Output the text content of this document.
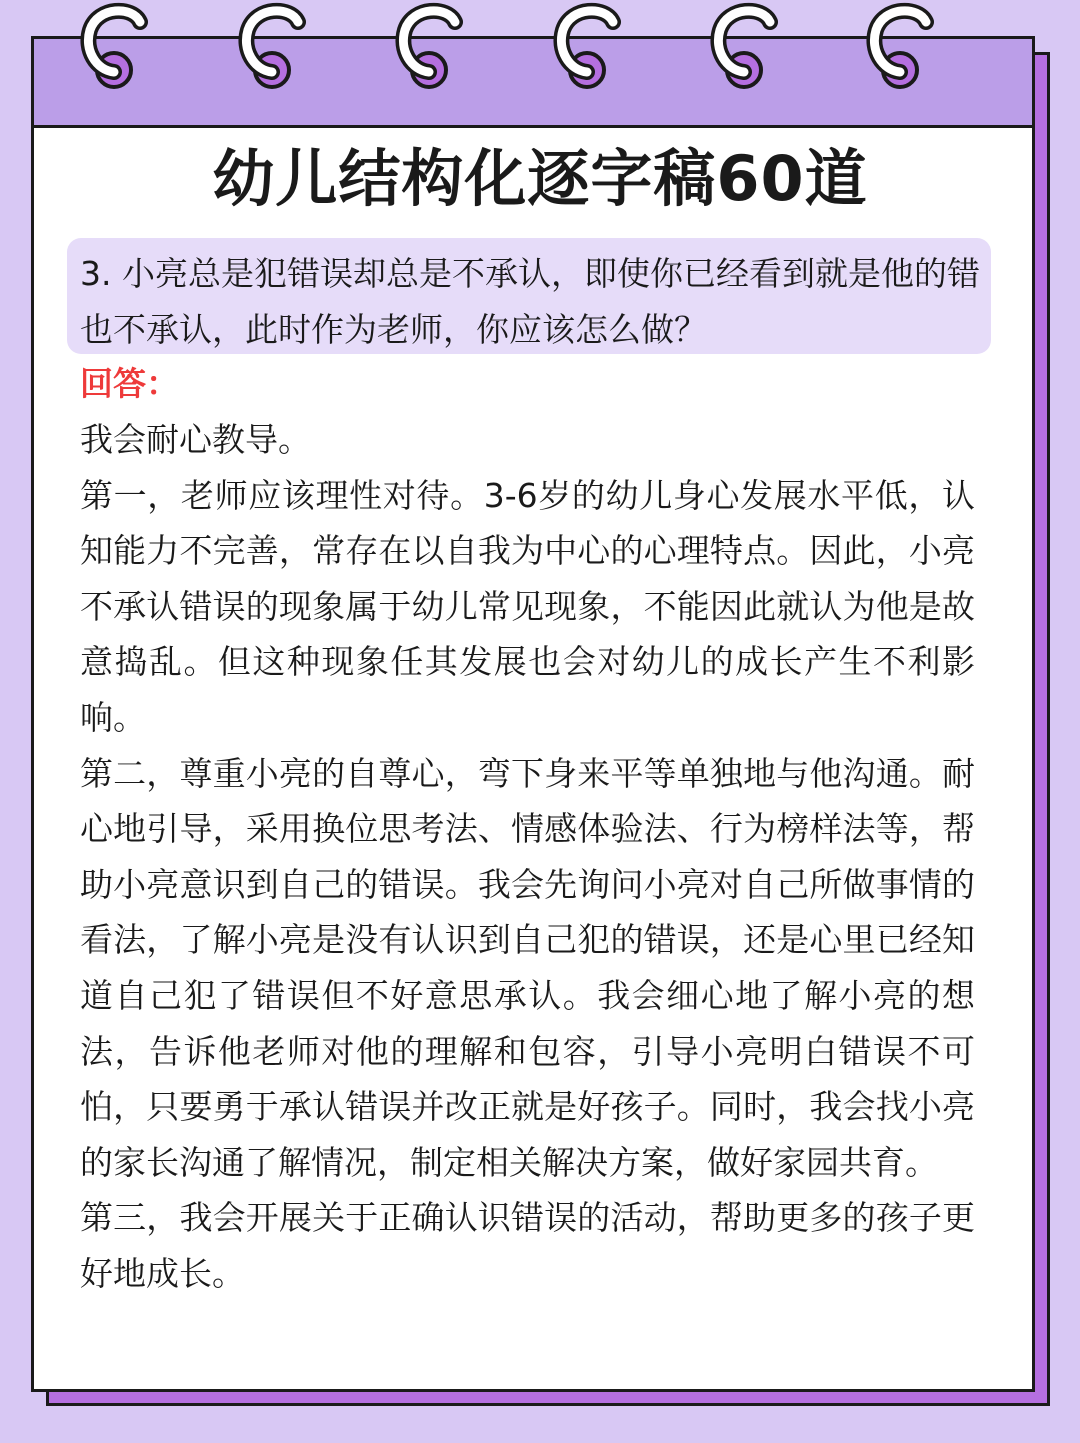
幼儿结构化逐字稿60道
3. 小亮总是犯错误却总是不承认，即使你已经看到就是他的错也不承认，此时作为老师，你应该怎么做？
回答：

我会耐心教导。

第一，老师应该理性对待。3-6岁的幼儿身心发展水平低，认知能力不完善，常存在以自我为中心的心理特点。因此，小亮不承认错误的现象属于幼儿常见现象，不能因此就认为他是故意捣乱。但这种现象任其发展也会对幼儿的成长产生不利影响。

第二，尊重小亮的自尊心，弯下身来平等单独地与他沟通。耐心地引导，采用换位思考法、情感体验法、行为榜样法等，帮助小亮意识到自己的错误。我会先询问小亮对自己所做事情的看法，了解小亮是没有认识到自己犯的错误，还是心里已经知道自己犯了错误但不好意思承认。我会细心地了解小亮的想法，告诉他老师对他的理解和包容，引导小亮明白错误不可怕，只要勇于承认错误并改正就是好孩子。同时，我会找小亮的家长沟通了解情况，制定相关解决方案，做好家园共育。

第三，我会开展关于正确认识错误的活动，帮助更多的孩子更好地成长。
